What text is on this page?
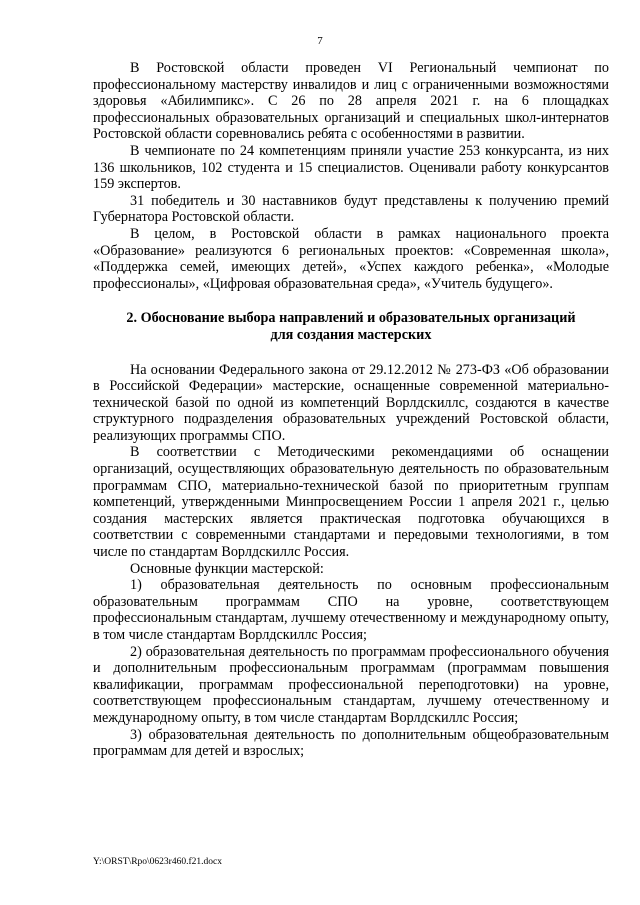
7

В Ростовской области проведен VI Региональный чемпионат по профессиональному мастерству инвалидов и лиц с ограниченными возможностями здоровья «Абилимпикс». С 26 по 28 апреля 2021 г. на 6 площадках профессиональных образовательных организаций и специальных школ-интернатов Ростовской области соревновались ребята с особенностями в развитии.

В чемпионате по 24 компетенциям приняли участие 253 конкурсанта, из них 136 школьников, 102 студента и 15 специалистов. Оценивали работу конкурсантов 159 экспертов.

31 победитель и 30 наставников будут представлены к получению премий Губернатора Ростовской области.

В целом, в Ростовской области в рамках национального проекта «Образование» реализуются 6 региональных проектов: «Современная школа», «Поддержка семей, имеющих детей», «Успех каждого ребенка», «Молодые профессионалы», «Цифровая образовательная среда», «Учитель будущего».

2. Обоснование выбора направлений и образовательных организаций
для создания мастерских

На основании Федерального закона от 29.12.2012 № 273-ФЗ «Об образовании в Российской Федерации» мастерские, оснащенные современной материально-технической базой по одной из компетенций Ворлдскиллс, создаются в качестве структурного подразделения образовательных учреждений Ростовской области, реализующих программы СПО.

В соответствии с Методическими рекомендациями об оснащении организаций, осуществляющих образовательную деятельность по образовательным программам СПО, материально-технической базой по приоритетным группам компетенций, утвержденными Минпросвещением России 1 апреля 2021 г., целью создания мастерских является практическая подготовка обучающихся в соответствии с современными стандартами и передовыми технологиями, в том числе по стандартам Ворлдскиллс Россия.

Основные функции мастерской:

1) образовательная деятельность по основным профессиональным образовательным программам СПО на уровне, соответствующем профессиональным стандартам, лучшему отечественному и международному опыту, в том числе стандартам Ворлдскиллс Россия;

2) образовательная деятельность по программам профессионального обучения и дополнительным профессиональным программам (программам повышения квалификации, программам профессиональной переподготовки) на уровне, соответствующем профессиональным стандартам, лучшему отечественному и международному опыту, в том числе стандартам Ворлдскиллс Россия;

3) образовательная деятельность по дополнительным общеобразовательным программам для детей и взрослых;

Y:\ORST\Rpo\0623r460.f21.docx
